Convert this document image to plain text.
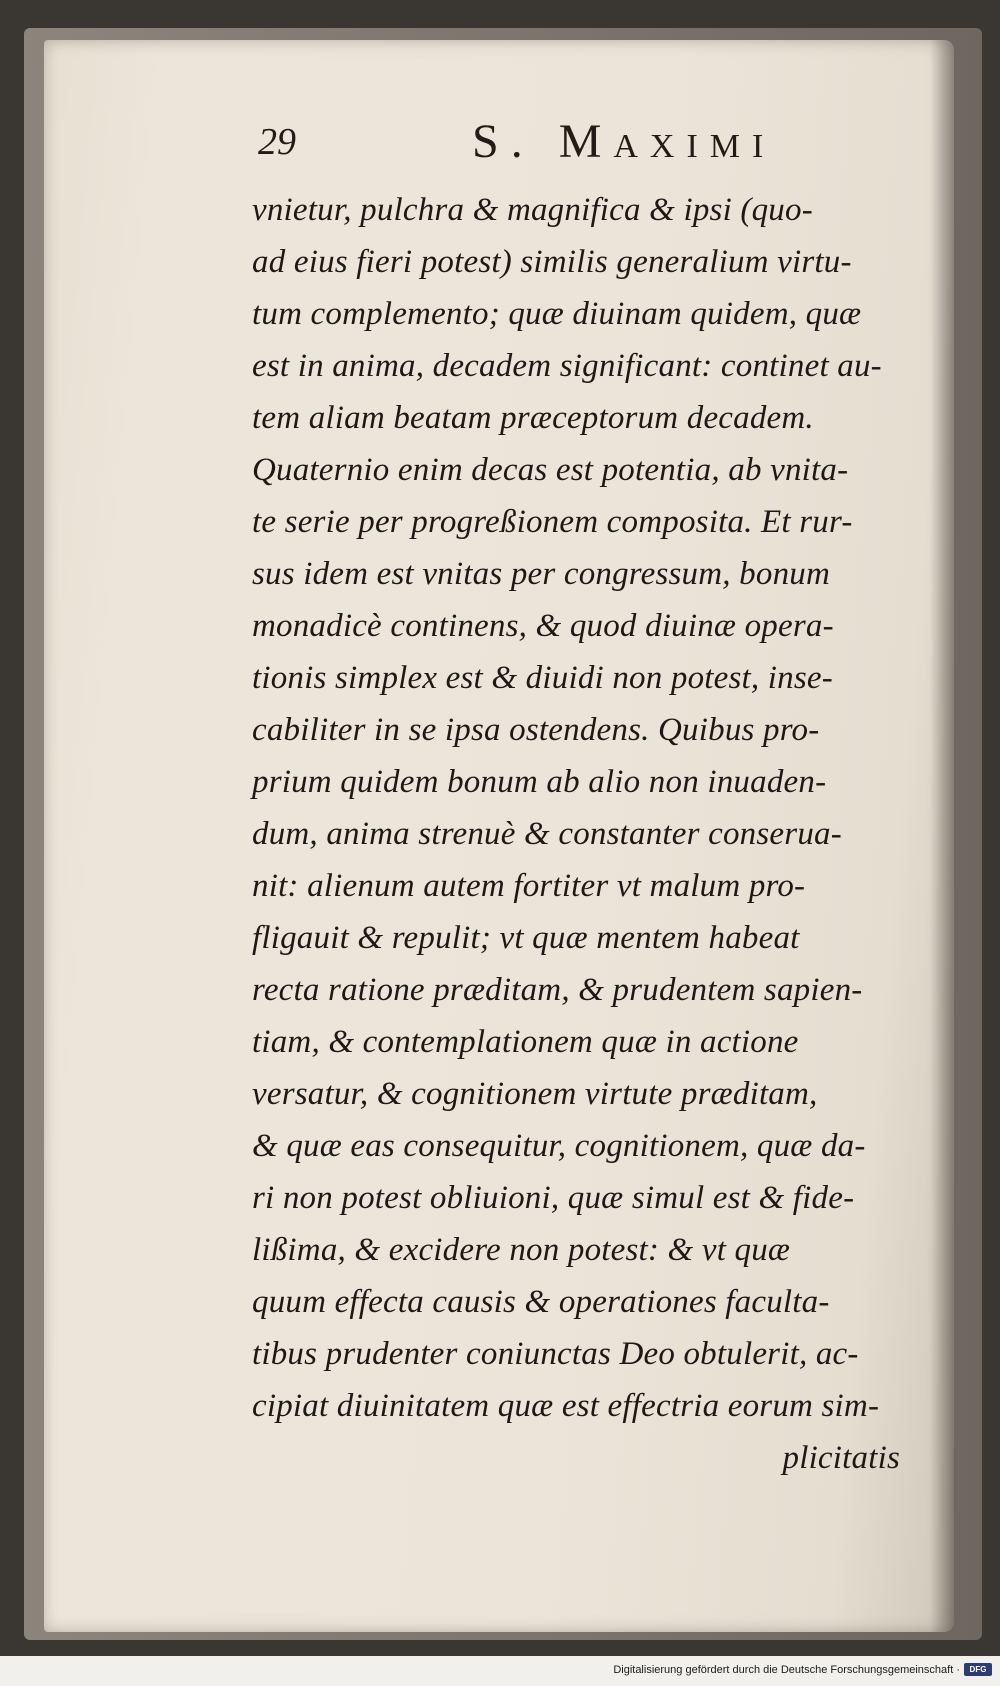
29	S. Maximi
vnietur, pulchra & magnifica & ipsi (quo-
ad eius fieri potest) similis generalium virtu-
tum complemento; quæ diuinam quidem, quæ
est in anima, decadem significant: continet au-
tem aliam beatam præceptorum decadem.
Quaternio enim decas est potentia, ab vnita-
te serie per progreßionem composita. Et rur-
sus idem est vnitas per congressum, bonum
monadicè continens, & quod diuinæ opera-
tionis simplex est & diuidi non potest, inse-
cabiliter in se ipsa ostendens. Quibus pro-
prium quidem bonum ab alio non inuaden-
dum, anima strenuè & constanter conserua-
nit: alienum autem fortiter vt malum pro-
fligauit & repulit; vt quæ mentem habeat
recta ratione præditam, & prudentem sapien-
tiam, & contemplationem quæ in actione
versatur, & cognitionem virtute præditam,
& quæ eas consequitur, cognitionem, quæ da-
ri non potest obliuioni, quæ simul est & fide-
lißima, & excidere non potest: & vt quæ
quum effecta causis & operationes faculta-
tibus prudenter coniunctas Deo obtulerit, ac-
cipiat diuinitatem quæ est effectria eorum sim-
plicitatis
Digitalisierung gefördert durch die Deutsche Forschungsgemeinschaft ·	DFG
